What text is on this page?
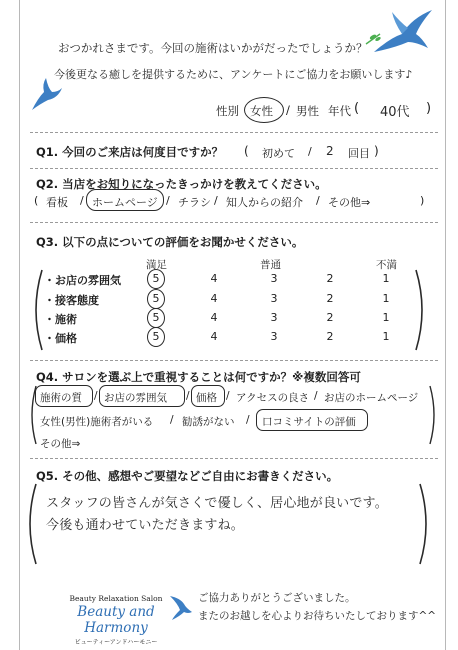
おつかれさまです。今回の施術はいかがだったでしょうか？
今後更なる癒しを提供するために、アンケートにご協力をお願いします♪
性別 女性 / 男性 年代 ( 40代 )
Q1. 今回のご来店は何度目ですか？ ( 初めて / 2 回目 )
Q2. 当店をお知りになったきっかけを教えてください。
( 看板 / ホームページ / チラシ / 知人からの紹介 / その他⇒	)
Q3. 以下の点についての評価をお聞かせください。
満足	普通	不満
・お店の雰囲気	5	4	3	2	1
・接客態度	5	4	3	2	1
・施術	5	4	3	2	1
・価格	5	4	3	2	1
Q4. サロンを選ぶ上で重視することは何ですか？※複数回答可
施術の質 / お店の雰囲気 / 価格 / アクセスの良さ / お店のホームページ
女性(男性)施術者がいる / 勧誘がない / 口コミサイトの評価
その他⇒
Q5. その他、感想やご要望などご自由にお書きください。
スタッフの皆さんが気さくで優しく、居心地が良いです。
今後も通わせていただきますね。
Beauty Relaxation Salon
Beauty and Harmony
ビューティーアンドハーモニー
ご協力ありがとうございました。
またのお越しを心よりお待ちいたしております^^
